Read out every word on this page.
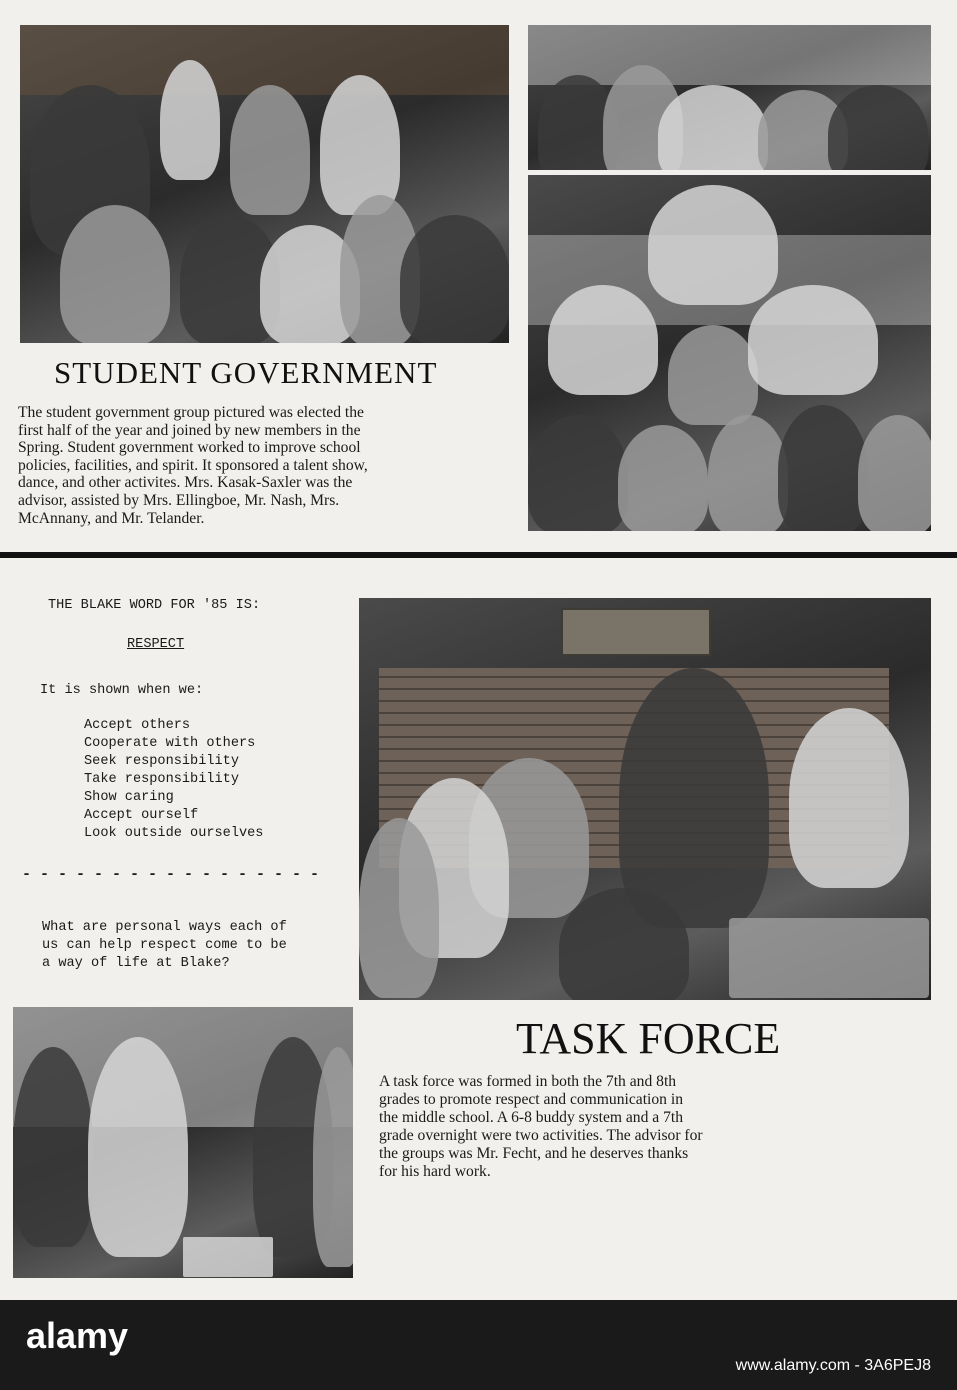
STUDENT GOVERNMENT
The student government group pictured was elected the
first half of the year and joined by new members in the
Spring. Student government worked to improve school
policies, facilities, and spirit. It sponsored a talent show,
dance, and other activites. Mrs. Kasak-Saxler was the
advisor, assisted by Mrs. Ellingboe, Mr. Nash, Mrs.
McAnnany, and Mr. Telander.
THE BLAKE WORD FOR '85 IS:
RESPECT
It is shown when we:
Accept others
Cooperate with others
Seek responsibility
Take responsibility
Show caring
Accept ourself
Look outside ourselves
- - - - - - - - - - - - - - - - -
What are personal ways each of
us can help respect come to be
a way of life at Blake?
TASK FORCE
A task force was formed in both the 7th and 8th
grades to promote respect and communication in
the middle school. A 6-8 buddy system and a 7th
grade overnight were two activities. The advisor for
the groups was Mr. Fecht, and he deserves thanks
for his hard work.
alamy
www.alamy.com - 3A6PEJ8
